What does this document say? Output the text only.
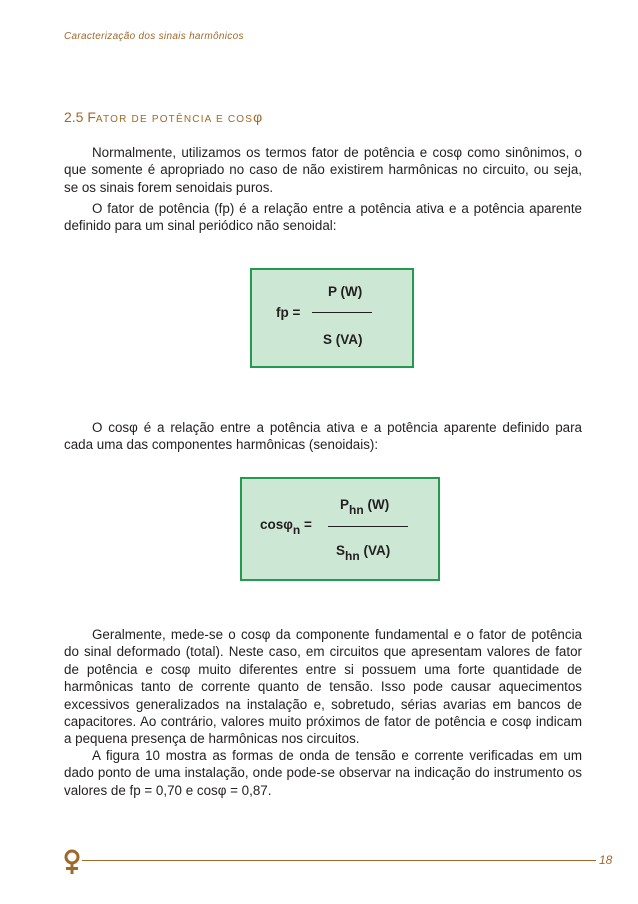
Caracterização dos sinais harmônicos
2.5 FATOR DE POTÊNCIA E COSφ
Normalmente, utilizamos os termos fator de potência e cosφ como sinônimos, o que somente é apropriado no caso de não existirem harmônicas no circuito, ou seja, se os sinais forem senoidais puros.
O fator de potência (fp) é a relação entre a potência ativa e a potência aparente definido para um sinal periódico não senoidal:
P (W)
fp =
S (VA)
O cosφ é a relação entre a potência ativa e a potência aparente definido para cada uma das componentes harmônicas (senoidais):
Phn (W)
cosφn =
Shn (VA)
Geralmente, mede-se o cosφ da componente fundamental e o fator de potência do sinal deformado (total). Neste caso, em circuitos que apresentam valores de fator de potência e cosφ muito diferentes entre si possuem uma forte quantidade de harmônicas tanto de corrente quanto de tensão. Isso pode causar aquecimentos excessivos generalizados na instalação e, sobretudo, sérias avarias em bancos de capacitores. Ao contrário, valores muito próximos de fator de potência e cosφ indicam a pequena presença de harmônicas nos circuitos.
A figura 10 mostra as formas de onda de tensão e corrente verificadas em um dado ponto de uma instalação, onde pode-se observar na indicação do instrumento os valores de fp = 0,70 e cosφ = 0,87.
18
